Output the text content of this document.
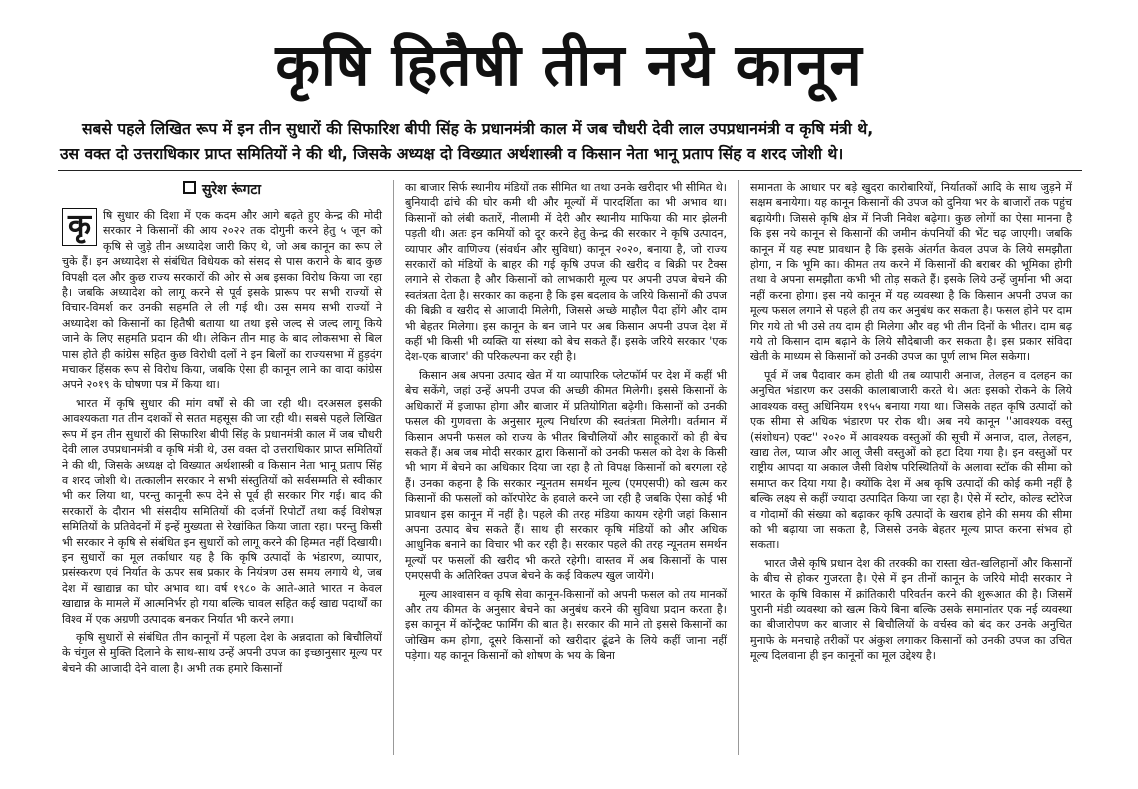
कृषि हितैषी तीन नये कानून

सबसे पहले लिखित रूप में इन तीन सुधारों की सिफारिश बीपी सिंह के प्रधानमंत्री काल में जब चौधरी देवी लाल उपप्रधानमंत्री व कृषि मंत्री थे,

उस वक्त दो उत्तराधिकार प्राप्त समितियों ने की थी, जिसके अध्यक्ष दो विख्यात अर्थशास्त्री व किसान नेता भानू प्रताप सिंह व शरद जोशी थे।

सुरेश रूंगटा

कृ	षि सुधार की दिशा में एक कदम और आगे बढ़ते हुए केन्द्र की मोदी सरकार ने किसानों की आय २०२२ तक दोगुनी करने हेतु ५ जून को कृषि से जुड़े तीन अध्यादेश जारी किए थे, जो अब कानून का रूप ले चुके हैं। इन अध्यादेश से संबंधित विधेयक को संसद से पास कराने के बाद कुछ विपक्षी दल और कुछ राज्य सरकारों की ओर से अब इसका विरोध किया जा रहा है। जबकि अध्यादेश को लागू करने से पूर्व इसके प्रारूप पर सभी राज्यों से विचार-विमर्श कर उनकी सहमति ले ली गई थी। उस समय सभी राज्यों ने अध्यादेश को किसानों का हितैषी बताया था तथा इसे जल्द से जल्द लागू किये जाने के लिए सहमति प्रदान की थी। लेकिन तीन माह के बाद लोकसभा से बिल पास होते ही कांग्रेस सहित कुछ विरोधी दलों ने इन बिलों का राज्यसभा में हुड़दंग मचाकर हिंसक रूप से विरोध किया, जबकि ऐसा ही कानून लाने का वादा कांग्रेस अपने २०१९ के घोषणा पत्र में किया था।

भारत में कृषि सुधार की मांग वर्षों से की जा रही थी। दरअसल इसकी आवश्यकता गत तीन दशकों से सतत महसूस की जा रही थी। सबसे पहले लिखित रूप में इन तीन सुधारों की सिफारिश बीपी सिंह के प्रधानमंत्री काल में जब चौधरी देवी लाल उपप्रधानमंत्री व कृषि मंत्री थे, उस वक्त दो उत्तराधिकार प्राप्त समितियों ने की थी, जिसके अध्यक्ष दो विख्यात अर्थशास्त्री व किसान नेता भानू प्रताप सिंह व शरद जोशी थे। तत्कालीन सरकार ने सभी संस्तुतियों को सर्वसम्मति से स्वीकार भी कर लिया था, परन्तु कानूनी रूप देने से पूर्व ही सरकार गिर गई। बाद की सरकारों के दौरान भी संसदीय समितियों की दर्जनों रिपोर्टों तथा कई विशेषज्ञ समितियों के प्रतिवेदनों में इन्हें मुख्यता से रेखांकित किया जाता रहा। परन्तु किसी भी सरकार ने कृषि से संबंधित इन सुधारों को लागू करने की हिम्मत नहीं दिखायी। इन सुधारों का मूल तर्काधार यह है कि कृषि उत्पादों के भंडारण, व्यापार, प्रसंस्करण एवं निर्यात के ऊपर सब प्रकार के नियंत्रण उस समय लगाये थे, जब देश में खाद्यान्न का घोर अभाव था। वर्ष १९८० के आते-आते भारत न केवल खाद्यान्न के मामले में आत्मनिर्भर हो गया बल्कि चावल सहित कई खाद्य पदार्थों का विश्व में एक अग्रणी उत्पादक बनकर निर्यात भी करने लगा।

कृषि सुधारों से संबंधित तीन कानूनों में पहला देश के अन्नदाता को बिचौलियों के चंगुल से मुक्ति दिलाने के साथ-साथ उन्हें अपनी उपज का इच्छानुसार मूल्य पर बेचने की आजादी देने वाला है। अभी तक हमारे किसानों

का बाजार सिर्फ स्थानीय मंडियों तक सीमित था तथा उनके खरीदार भी सीमित थे। बुनियादी ढांचे की घोर कमी थी और मूल्यों में पारदर्शिता का भी अभाव था। किसानों को लंबी कतारें, नीलामी में देरी और स्थानीय माफिया की मार झेलनी पड़ती थी। अतः इन कमियों को दूर करने हेतु केन्द्र की सरकार ने कृषि उत्पादन, व्यापार और वाणिज्य (संवर्धन और सुविधा) कानून २०२०, बनाया है, जो राज्य सरकारों को मंडियों के बाहर की गई कृषि उपज की खरीद व बिक्री पर टैक्स लगाने से रोकता है और किसानों को लाभकारी मूल्य पर अपनी उपज बेचने की स्वतंत्रता देता है। सरकार का कहना है कि इस बदलाव के जरिये किसानों की उपज की बिक्री व खरीद से आजादी मिलेगी, जिससे अच्छे माहौल पैदा होंगे और दाम भी बेहतर मिलेगा। इस कानून के बन जाने पर अब किसान अपनी उपज देश में कहीं भी किसी भी व्यक्ति या संस्था को बेच सकते हैं। इसके जरिये सरकार 'एक देश-एक बाजार' की परिकल्पना कर रही है।

किसान अब अपना उत्पाद खेत में या व्यापारिक प्लेटफॉर्म पर देश में कहीं भी बेच सकेंगे, जहां उन्हें अपनी उपज की अच्छी कीमत मिलेगी। इससे किसानों के अधिकारों में इजाफा होगा और बाजार में प्रतियोगिता बढ़ेगी। किसानों को उनकी फसल की गुणवत्ता के अनुसार मूल्य निर्धारण की स्वतंत्रता मिलेगी। वर्तमान में किसान अपनी फसल को राज्य के भीतर बिचौलियों और साहूकारों को ही बेच सकते हैं। अब जब मोदी सरकार द्वारा किसानों को उनकी फसल को देश के किसी भी भाग में बेचने का अधिकार दिया जा रहा है तो विपक्ष किसानों को बरगला रहे हैं। उनका कहना है कि सरकार न्यूनतम समर्थन मूल्य (एमएसपी) को खत्म कर किसानों की फसलों को कॉरपोरेट के हवाले करने जा रही है जबकि ऐसा कोई भी प्रावधान इस कानून में नहीं है। पहले की तरह मंडिया कायम रहेगी जहां किसान अपना उत्पाद बेच सकते हैं। साथ ही सरकार कृषि मंडियों को और अधिक आधुनिक बनाने का विचार भी कर रही है। सरकार पहले की तरह न्यूनतम समर्थन मूल्यों पर फसलों की खरीद भी करते रहेगी। वास्तव में अब किसानों के पास एमएसपी के अतिरिक्त उपज बेचने के कई विकल्प खुल जायेंगे।

मूल्य आश्वासन व कृषि सेवा कानून-किसानों को अपनी फसल को तय मानकों और तय कीमत के अनुसार बेचने का अनुबंध करने की सुविधा प्रदान करता है। इस कानून में कॉन्ट्रैक्ट फार्मिंग की बात है। सरकार की माने तो इससे किसानों का जोखिम कम होगा, दूसरे किसानों को खरीदार ढूंढने के लिये कहीं जाना नहीं पड़ेगा। यह कानून किसानों को शोषण के भय के बिना

समानता के आधार पर बड़े खुदरा कारोबारियों, निर्यातकों आदि के साथ जुड़ने में सक्षम बनायेगा। यह कानून किसानों की उपज को दुनिया भर के बाजारों तक पहुंच बढ़ायेगी। जिससे कृषि क्षेत्र में निजी निवेश बढ़ेगा। कुछ लोगों का ऐसा मानना है कि इस नये कानून से किसानों की जमीन कंपनियों की भेंट चढ़ जाएगी। जबकि कानून में यह स्पष्ट प्रावधान है कि इसके अंतर्गत केवल उपज के लिये समझौता होगा, न कि भूमि का। कीमत तय करने में किसानों की बराबर की भूमिका होगी तथा वे अपना समझौता कभी भी तोड़ सकते हैं। इसके लिये उन्हें जुर्माना भी अदा नहीं करना होगा। इस नये कानून में यह व्यवस्था है कि किसान अपनी उपज का मूल्य फसल लगाने से पहले ही तय कर अनुबंध कर सकता है। फसल होने पर दाम गिर गये तो भी उसे तय दाम ही मिलेगा और वह भी तीन दिनों के भीतर। दाम बढ़ गये तो किसान दाम बढ़ाने के लिये सौदेबाजी कर सकता है। इस प्रकार संविदा खेती के माध्यम से किसानों को उनकी उपज का पूर्ण लाभ मिल सकेगा।

पूर्व में जब पैदावार कम होती थी तब व्यापारी अनाज, तेलहन व दलहन का अनुचित भंडारण कर उसकी कालाबाजारी करते थे। अतः इसको रोकने के लिये आवश्यक वस्तु अधिनियम १९५५ बनाया गया था। जिसके तहत कृषि उत्पादों को एक सीमा से अधिक भंडारण पर रोक थी। अब नये कानून ''आवश्यक वस्तु (संशोधन) एक्ट'' २०२० में आवश्यक वस्तुओं की सूची में अनाज, दाल, तेलहन, खाद्य तेल, प्याज और आलू जैसी वस्तुओं को हटा दिया गया है। इन वस्तुओं पर राष्ट्रीय आपदा या अकाल जैसी विशेष परिस्थितियों के अलावा स्टॉक की सीमा को समाप्त कर दिया गया है। क्योंकि देश में अब कृषि उत्पादों की कोई कमी नहीं है बल्कि लक्ष्य से कहीं ज्यादा उत्पादित किया जा रहा है। ऐसे में स्टोर, कोल्ड स्टोरेज व गोदामों की संख्या को बढ़ाकर कृषि उत्पादों के खराब होने की समय की सीमा को भी बढ़ाया जा सकता है, जिससे उनके बेहतर मूल्य प्राप्त करना संभव हो सकता।

भारत जैसे कृषि प्रधान देश की तरक्की का रास्ता खेत-खलिहानों और किसानों के बीच से होकर गुजरता है। ऐसे में इन तीनों कानून के जरिये मोदी सरकार ने भारत के कृषि विकास में क्रांतिकारी परिवर्तन करने की शुरूआत की है। जिसमें पुरानी मंडी व्यवस्था को खत्म किये बिना बल्कि उसके समानांतर एक नई व्यवस्था का बीजारोपण कर बाजार से बिचौलियों के वर्चस्व को बंद कर उनके अनुचित मुनाफे के मनचाहे तरीकों पर अंकुश लगाकर किसानों को उनकी उपज का उचित मूल्य दिलवाना ही इन कानूनों का मूल उद्देश्य है।
